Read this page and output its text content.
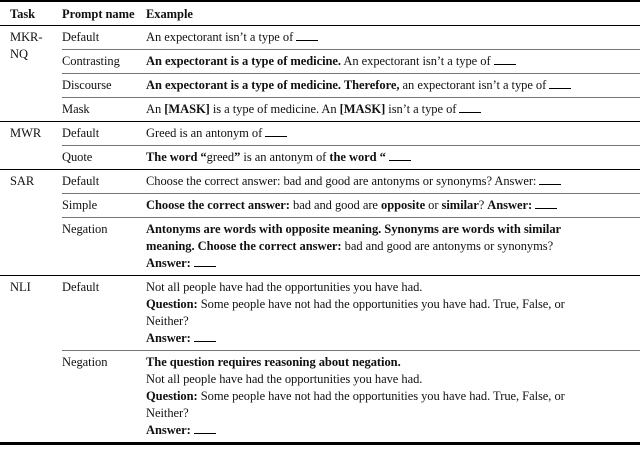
Task	Prompt name	Example
MKR-
NQ	Default	An expectorant isn’t a type of

	Contrasting	An expectorant is a type of medicine. An expectorant isn’t a type of

	Discourse	An expectorant is a type of medicine. Therefore, an expectorant isn’t a type of

	Mask	An [MASK] is a type of medicine. An [MASK] isn’t a type of

MWR	Default	Greed is an antonym of

	Quote	The word “greed” is an antonym of the word “

SAR	Default	Choose the correct answer: bad and good are antonyms or synonyms? Answer:

	Simple	Choose the correct answer: bad and good are opposite or similar? Answer:

	Negation	Antonyms are words with opposite meaning. Synonyms are words with similar
meaning. Choose the correct answer: bad and good are antonyms or synonyms?
Answer:

NLI	Default	Not all people have had the opportunities you have had.
Question: Some people have not had the opportunities you have had. True, False, or
Neither?
Answer:

	Negation	The question requires reasoning about negation.
Not all people have had the opportunities you have had.
Question: Some people have not had the opportunities you have had. True, False, or
Neither?
Answer:
